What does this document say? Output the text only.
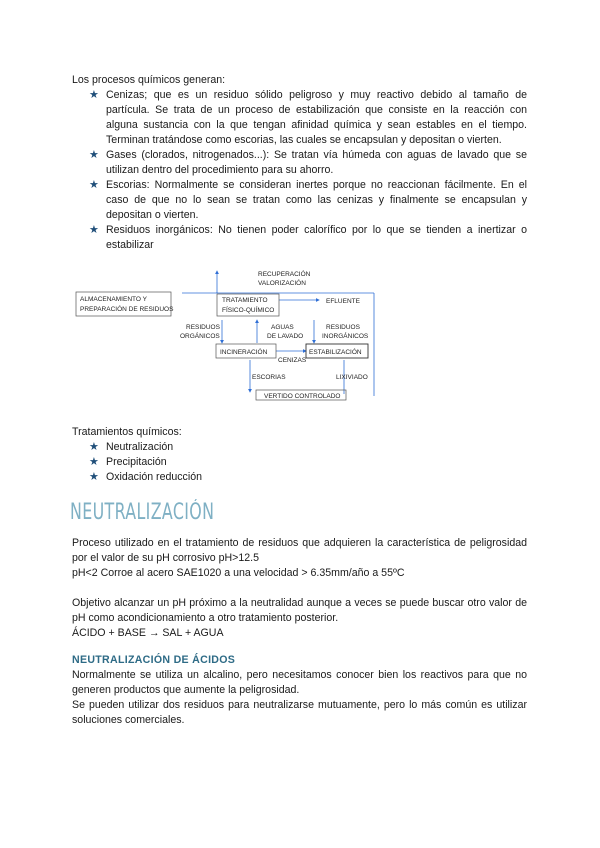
Los procesos químicos generan:

★ Cenizas; que es un residuo sólido peligroso y muy reactivo debido al tamaño de partícula. Se trata de un proceso de estabilización que consiste en la reacción con alguna sustancia con la que tengan afinidad química y sean estables en el tiempo. Terminan tratándose como escorias, las cuales se encapsulan y depositan o vierten.
★ Gases (clorados, nitrogenados...): Se tratan vía húmeda con aguas de lavado que se utilizan dentro del procedimiento para su ahorro.
★ Escorias: Normalmente se consideran inertes porque no reaccionan fácilmente. En el caso de que no lo sean se tratan como las cenizas y finalmente se encapsulan y depositan o vierten.
★ Residuos inorgánicos: No tienen poder calorífico por lo que se tienden a inertizar o estabilizar
RECUPERACIÓN
VALORIZACIÓN
ALMACENAMIENTO Y
PREPARACIÓN DE RESIDUOS
TRATAMIENTO
FÍSICO-QUÍMICO
EFLUENTE
RESIDUOS
ORGÁNICOS
AGUAS
DE LAVADO
RESIDUOS
INORGÁNICOS
INCINERACIÓN
CENIZAS
ESTABILIZACIÓN
ESCORIAS	LIXIVIADO
VERTIDO CONTROLADO

Tratamientos químicos:

★ Neutralización
★ Precipitación
★ Oxidación reducción
NEUTRALIZACIÓN

Proceso utilizado en el tratamiento de residuos que adquieren la característica de peligrosidad por el valor de su pH corrosivo pH>12.5

pH<2 Corroe al acero SAE1020 a una velocidad > 6.35mm/año a 55ºC

Objetivo alcanzar un pH próximo a la neutralidad aunque a veces se puede buscar otro valor de pH como acondicionamiento a otro tratamiento posterior.

ÁCIDO + BASE → SAL + AGUA

NEUTRALIZACIÓN DE ÁCIDOS

Normalmente se utiliza un alcalino, pero necesitamos conocer bien los reactivos para que no generen productos que aumente la peligrosidad.

Se pueden utilizar dos residuos para neutralizarse mutuamente, pero lo más común es utilizar soluciones comerciales.
